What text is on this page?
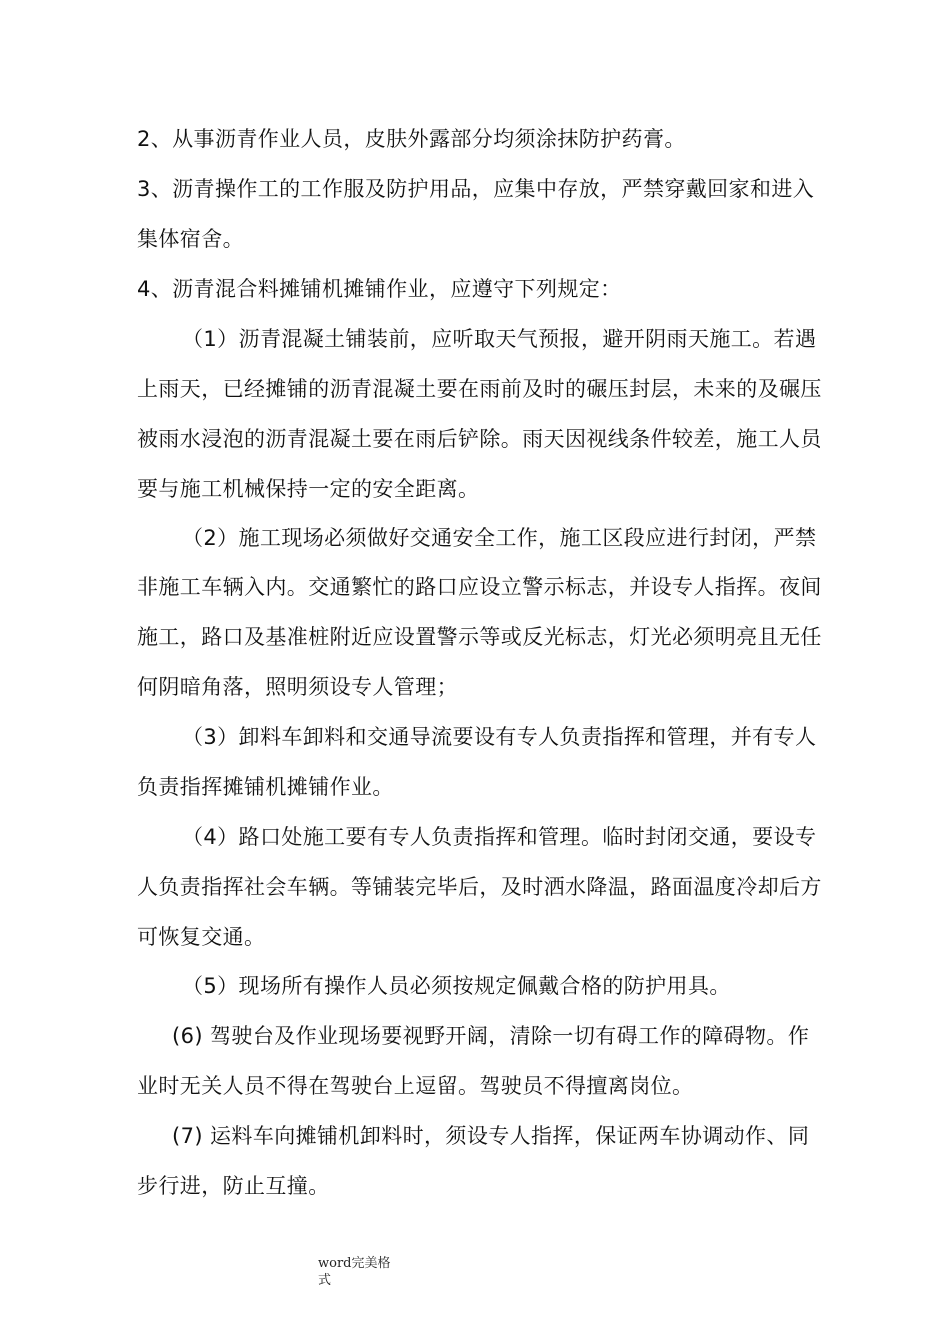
2、从事沥青作业人员，皮肤外露部分均须涂抹防护药膏。

3、沥青操作工的工作服及防护用品，应集中存放，严禁穿戴回家和进入

集体宿舍。

4、沥青混合料摊铺机摊铺作业，应遵守下列规定：

（1）沥青混凝土铺装前，应听取天气预报，避开阴雨天施工。若遇

上雨天，已经摊铺的沥青混凝土要在雨前及时的碾压封层，未来的及碾压

被雨水浸泡的沥青混凝土要在雨后铲除。雨天因视线条件较差，施工人员

要与施工机械保持一定的安全距离。

（2）施工现场必须做好交通安全工作，施工区段应进行封闭，严禁

非施工车辆入内。交通繁忙的路口应设立警示标志，并设专人指挥。夜间

施工，路口及基准桩附近应设置警示等或反光标志，灯光必须明亮且无任

何阴暗角落，照明须设专人管理；

（3）卸料车卸料和交通导流要设有专人负责指挥和管理，并有专人

负责指挥摊铺机摊铺作业。

（4）路口处施工要有专人负责指挥和管理。临时封闭交通，要设专

人负责指挥社会车辆。等铺装完毕后，及时洒水降温，路面温度冷却后方

可恢复交通。

（5）现场所有操作人员必须按规定佩戴合格的防护用具。

(6) 驾驶台及作业现场要视野开阔，清除一切有碍工作的障碍物。作

业时无关人员不得在驾驶台上逗留。驾驶员不得擅离岗位。

(7) 运料车向摊铺机卸料时，须设专人指挥，保证两车协调动作、同

步行进，防止互撞。

word完美格
式
